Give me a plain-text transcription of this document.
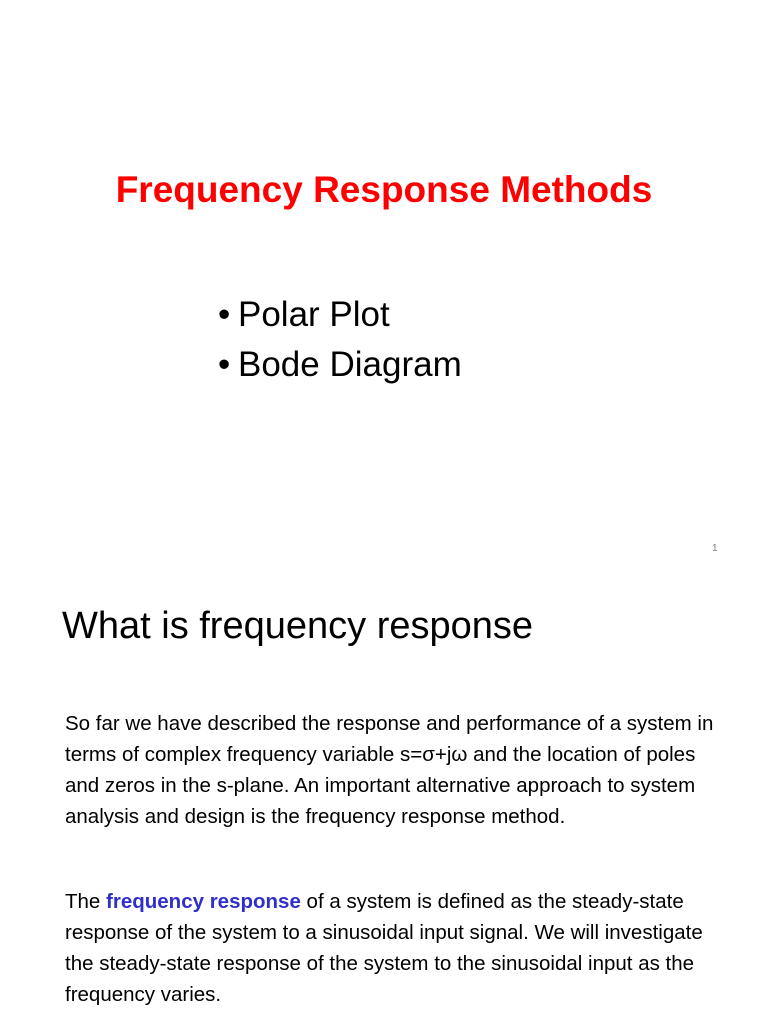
Frequency Response Methods
• Polar Plot
• Bode Diagram
1
What is frequency response

So far we have described the response and performance of a system in terms of complex frequency variable s=σ+jω and the location of poles and zeros in the s-plane. An important alternative approach to system analysis and design is the frequency response method.

The frequency response of a system is defined as the steady-state response of the system to a sinusoidal input signal. We will investigate the steady-state response of the system to the sinusoidal input as the frequency varies.
